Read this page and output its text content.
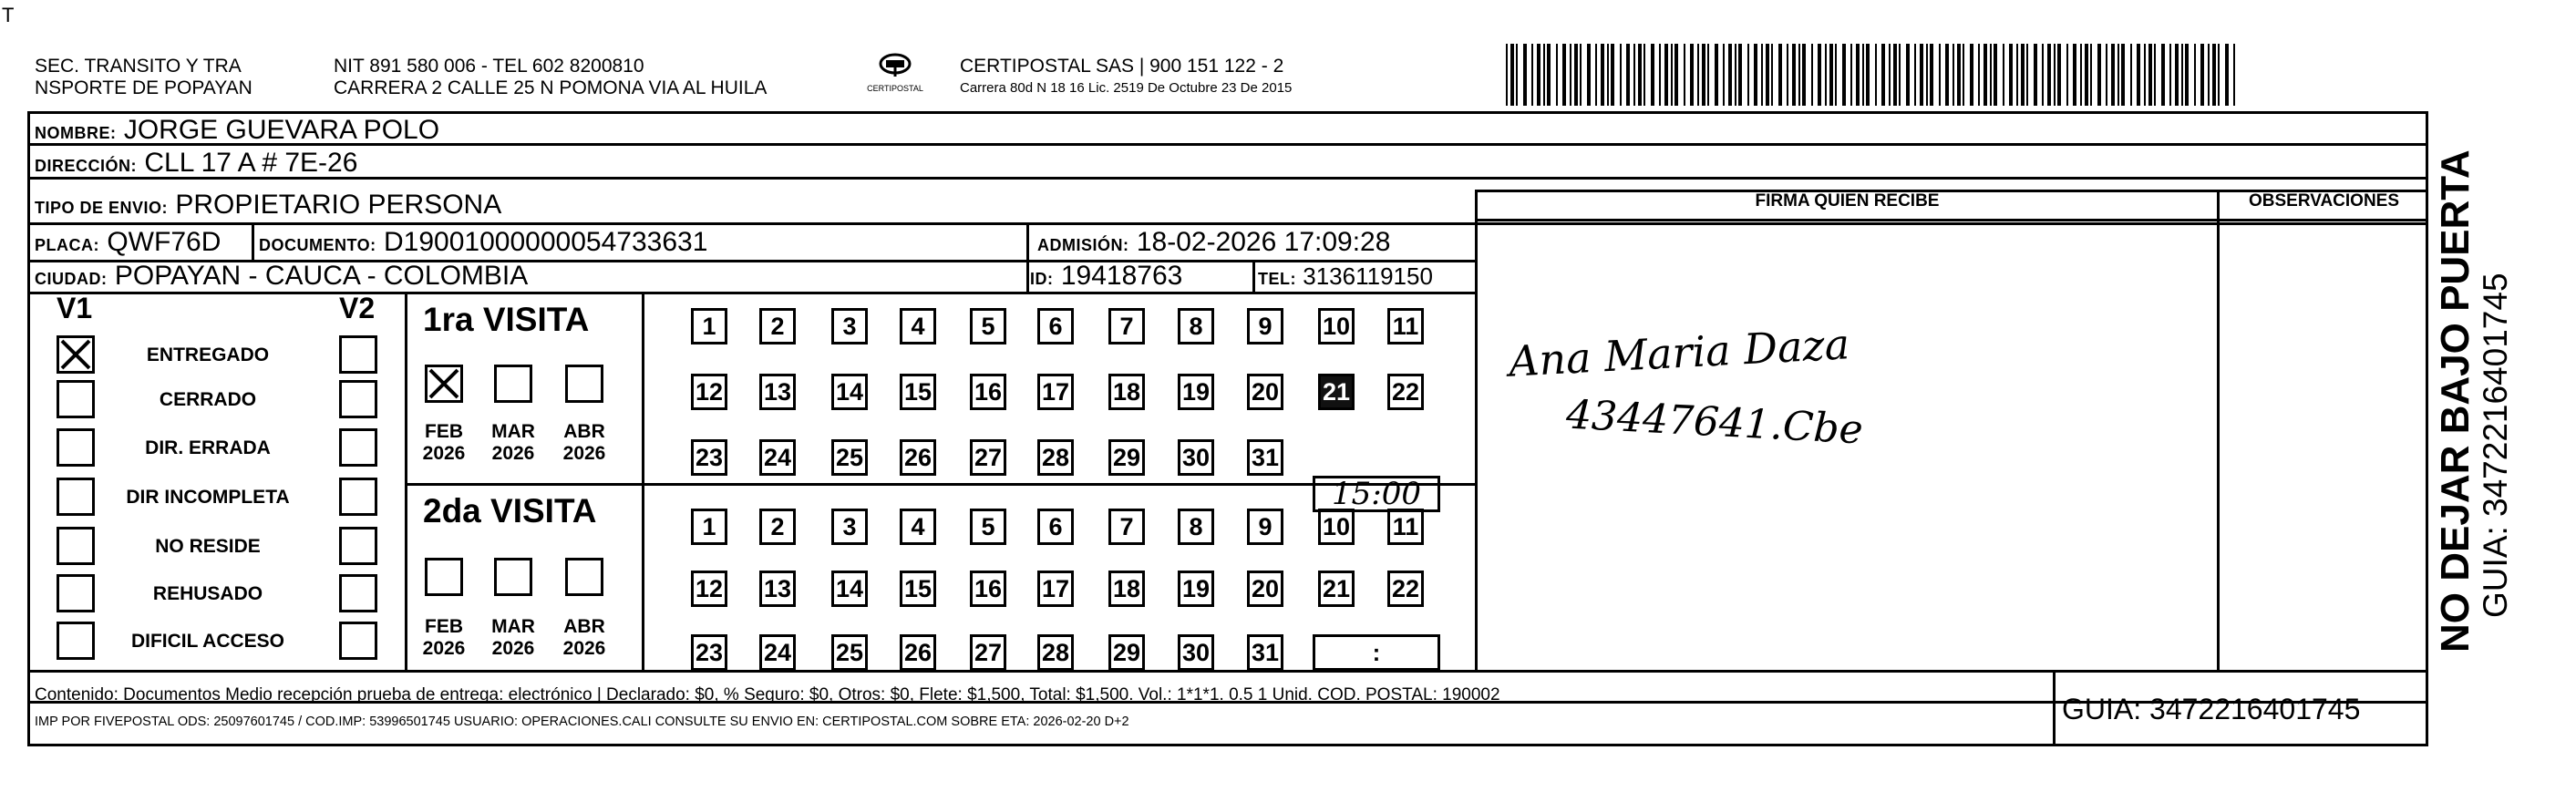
T
SEC. TRANSITO Y TRA
NSPORTE DE POPAYAN
NIT 891 580 006 - TEL 602 8200810
CARRERA 2 CALLE 25 N POMONA VIA AL HUILA	CERTIPOSTAL
CERTIPOSTAL SAS | 900 151 122 - 2
Carrera 80d N 18 16 Lic. 2519 De Octubre 23 De 2015
NOMBRE: JORGE GUEVARA POLO
DIRECCIÓN: CLL 17 A # 7E-26
TIPO DE ENVIO: PROPIETARIO PERSONA
PLACA: QWF76D DOCUMENTO: D19001000000054733631	ADMISIÓN: 18-02-2026 17:09:28
CIUDAD: POPAYAN - CAUCA - COLOMBIA	ID: 19418763	TEL: 3136119150
FIRMA QUIEN RECIBE	OBSERVACIONES
V1	V2
ENTREGADO
CERRADO
DIR. ERRADA
DIR INCOMPLETA
NO RESIDE
REHUSADO
DIFICIL ACCESO
1ra VISITA
2da VISITA
FEB
2026
MAR
2026
ABR
2026
FEB
2026
MAR
2026
ABR
2026
1	2	3	4	5	6	7	8	9	10 11
12 13 14 15 16 17 18 19 20 21 22
23 24 25 26 27 28 29 30 31
1	2	3	4	5	6	7	8	9	10 11
12 13 14 15 16 17 18 19 20 21 22
23 24 25 26 27 28 29 30 31
15:00
:
Ana Maria Daza
43447641.Cbe
Contenido: Documentos Medio recepción prueba de entrega: electrónico | Declarado: $0, % Seguro: $0, Otros: $0, Flete: $1,500, Total: $1,500. Vol.: 1*1*1. 0.5 1 Unid. COD. POSTAL: 190002
IMP POR FIVEPOSTAL ODS: 25097601745 / COD.IMP: 53996501745 USUARIO: OPERACIONES.CALI CONSULTE SU ENVIO EN: CERTIPOSTAL.COM SOBRE ETA: 2026-02-20 D+2	GUIA: 3472216401745
NO DEJAR BAJO PUERTA GUIA: 3472216401745
